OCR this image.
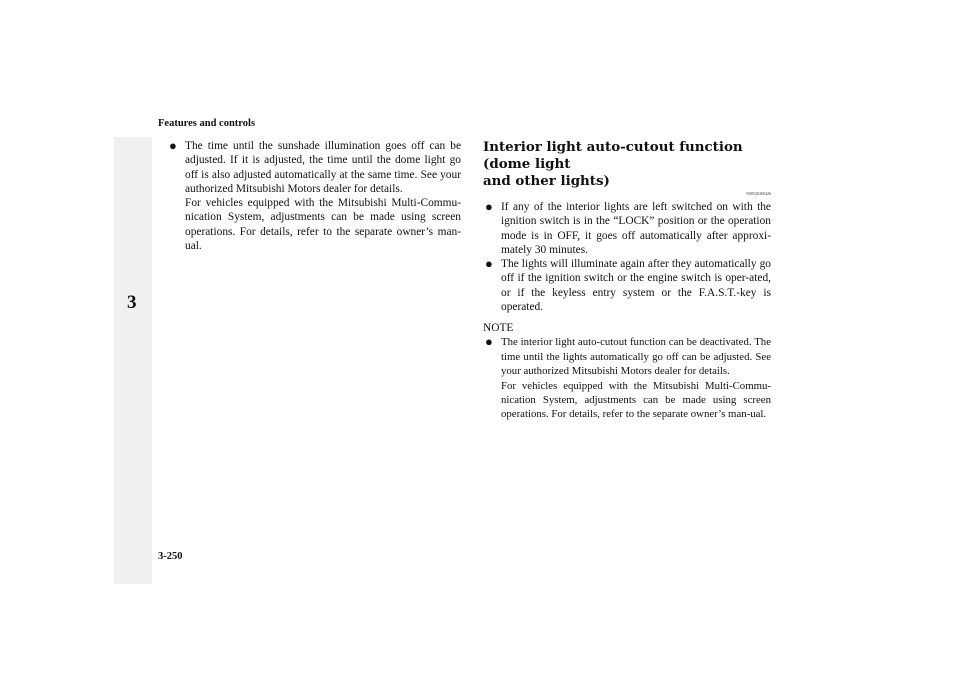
Features and controls
3
● The time until the sunshade illumination goes off can be adjusted. If it is adjusted, the time until the dome light go off is also adjusted automatically at the same time. See your authorized Mitsubishi Motors dealer for details.
For vehicles equipped with the Mitsubishi Multi-Commu-nication System, adjustments can be made using screen operations. For details, refer to the separate owner’s man-ual.
Interior light auto-cutout function (dome light
and other lights)
N00526300426
● If any of the interior lights are left switched on with the ignition switch is in the “LOCK” position or the operation mode is in OFF, it goes off automatically after approxi-mately 30 minutes.
● The lights will illuminate again after they automatically go off if the ignition switch or the engine switch is oper-ated, or if the keyless entry system or the F.A.S.T.-key is operated.
NOTE
● The interior light auto-cutout function can be deactivated. The time until the lights automatically go off can be adjusted. See your authorized Mitsubishi Motors dealer for details.
For vehicles equipped with the Mitsubishi Multi-Commu-nication System, adjustments can be made using screen operations. For details, refer to the separate owner’s man-ual.
3-250
